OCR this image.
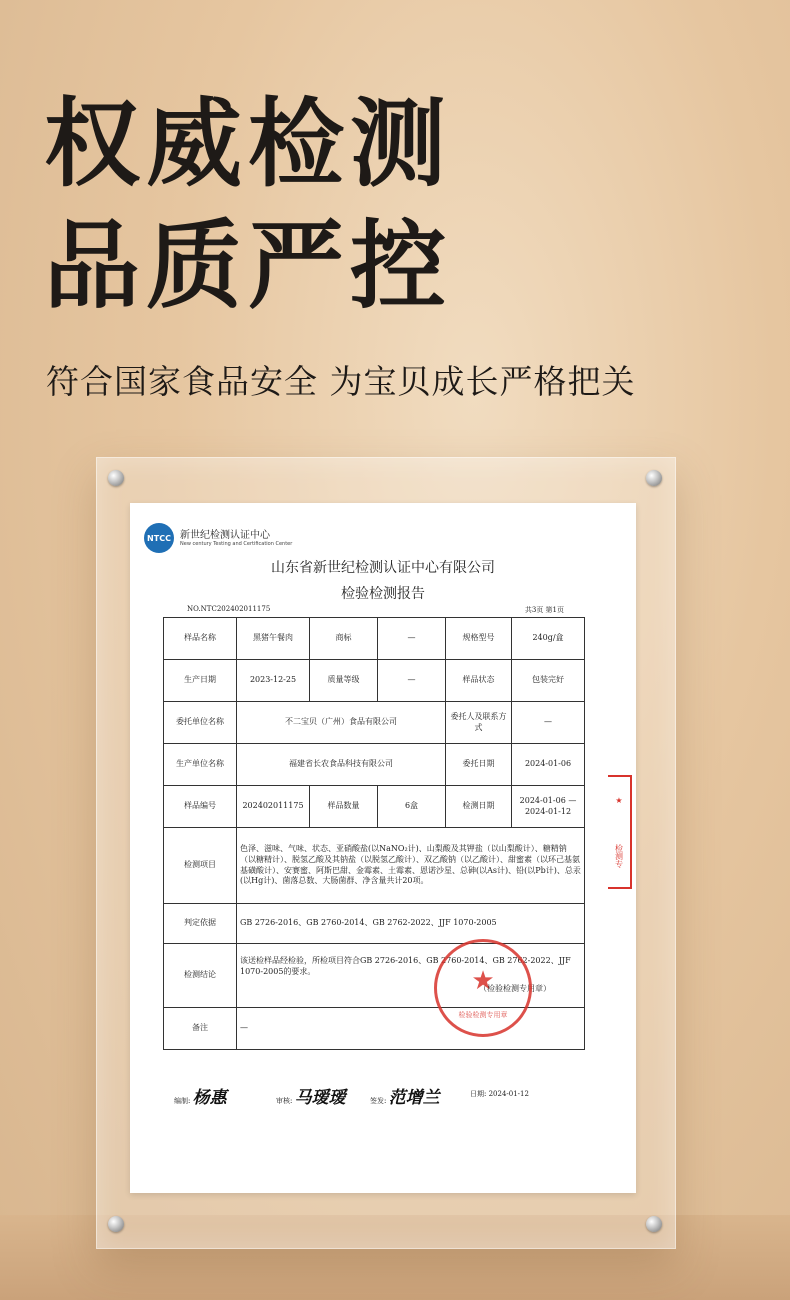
权威检测
品质严控
符合国家食品安全 为宝贝成长严格把关
NTCC 新世纪检测认证中心
New century Testing and Certification Center
山东省新世纪检测认证中心有限公司
检验检测报告
NO.NTC202402011175	共3页 第1页
样品名称	黑猪午餐肉	商标	—	规格型号	240g/盒
生产日期	2023-12-25	质量等级	—	样品状态	包装完好
委托单位名称	不二宝贝（广州）食品有限公司			委托人及联系方式	—
生产单位名称	福建省长农食品科技有限公司			委托日期	2024-01-06
样品编号	202402011175	样品数量	6盒	检测日期	2024-01-06 — 2024-01-12
检测项目	色泽、滋味、气味、状态、亚硝酸盐(以NaNO₂计)、山梨酸及其钾盐（以山梨酸计）、糖精钠（以糖精计）、脱氢乙酸及其钠盐（以脱氢乙酸计）、双乙酸钠（以乙酸计）、甜蜜素（以环己基氨基磺酸计）、安赛蜜、阿斯巴甜、金霉素、土霉素、恩诺沙星、总砷(以As计)、铅(以Pb计)、总汞(以Hg计)、菌落总数、大肠菌群、净含量共计20项。				
判定依据	GB 2726-2016、GB 2760-2014、GB 2762-2022、JJF 1070-2005				
检测结论	该送检样品经检验，所检项目符合GB 2726-2016、GB 2760-2014、GB 2762-2022、JJF 1070-2005的要求。
（检验检测专用章）				

备注	—				
★
检验检测专用章
★
检测专
编制: 杨惠	审核: 马瑷瑷	签发: 范增兰	日期: 2024-01-12
